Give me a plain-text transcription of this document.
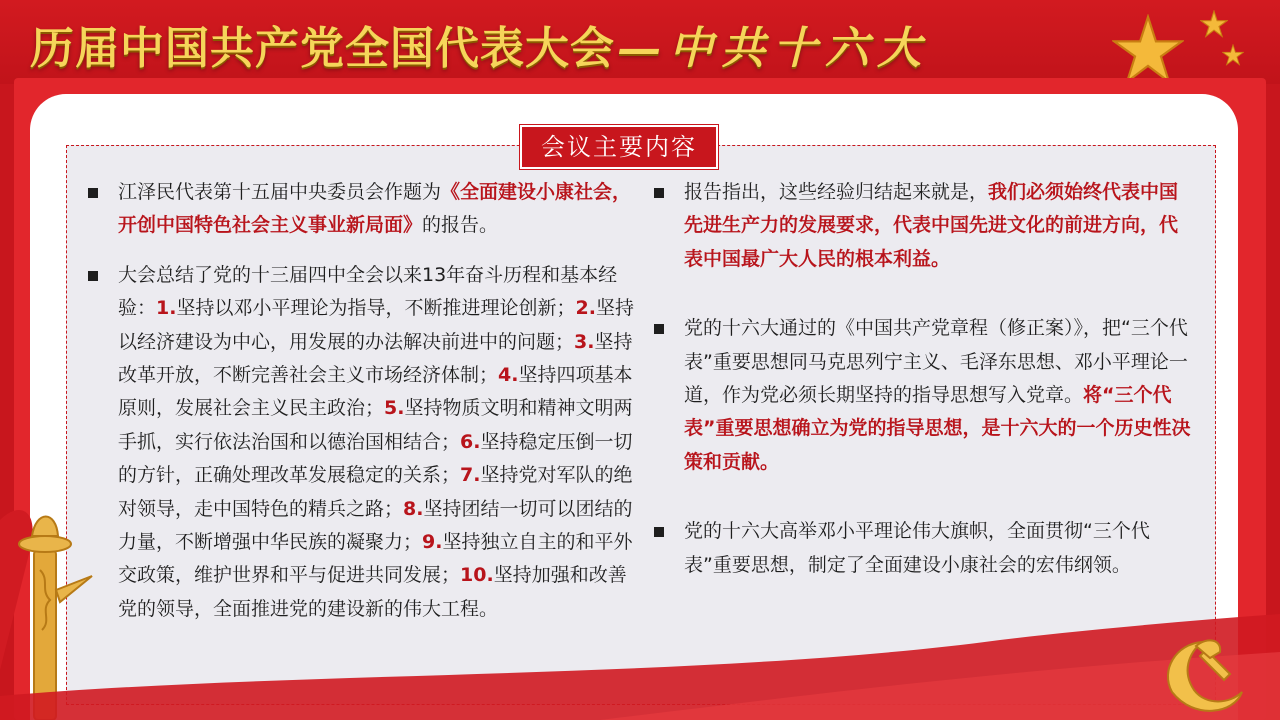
历届中国共产党全国代表大会 —中共十六大
会议主要内容

江泽民代表第十五届中央委员会作题为《全面建设小康社会，开创中国特色社会主义事业新局面》的报告。

大会总结了党的十三届四中全会以来13年奋斗历程和基本经验：1.坚持以邓小平理论为指导，不断推进理论创新；2.坚持以经济建设为中心，用发展的办法解决前进中的问题；3.坚持改革开放，不断完善社会主义市场经济体制；4.坚持四项基本原则，发展社会主义民主政治；5.坚持物质文明和精神文明两手抓，实行依法治国和以德治国相结合；6.坚持稳定压倒一切的方针，正确处理改革发展稳定的关系；7.坚持党对军队的绝对领导，走中国特色的精兵之路；8.坚持团结一切可以团结的力量，不断增强中华民族的凝聚力；9.坚持独立自主的和平外交政策，维护世界和平与促进共同发展；10.坚持加强和改善党的领导，全面推进党的建设新的伟大工程。

报告指出，这些经验归结起来就是，我们必须始终代表中国先进生产力的发展要求，代表中国先进文化的前进方向，代表中国最广大人民的根本利益。

党的十六大通过的《中国共产党章程（修正案）》，把“三个代表”重要思想同马克思列宁主义、毛泽东思想、邓小平理论一道，作为党必须长期坚持的指导思想写入党章。将“三个代表”重要思想确立为党的指导思想，是十六大的一个历史性决策和贡献。

党的十六大高举邓小平理论伟大旗帜，全面贯彻“三个代表”重要思想，制定了全面建设小康社会的宏伟纲领。
